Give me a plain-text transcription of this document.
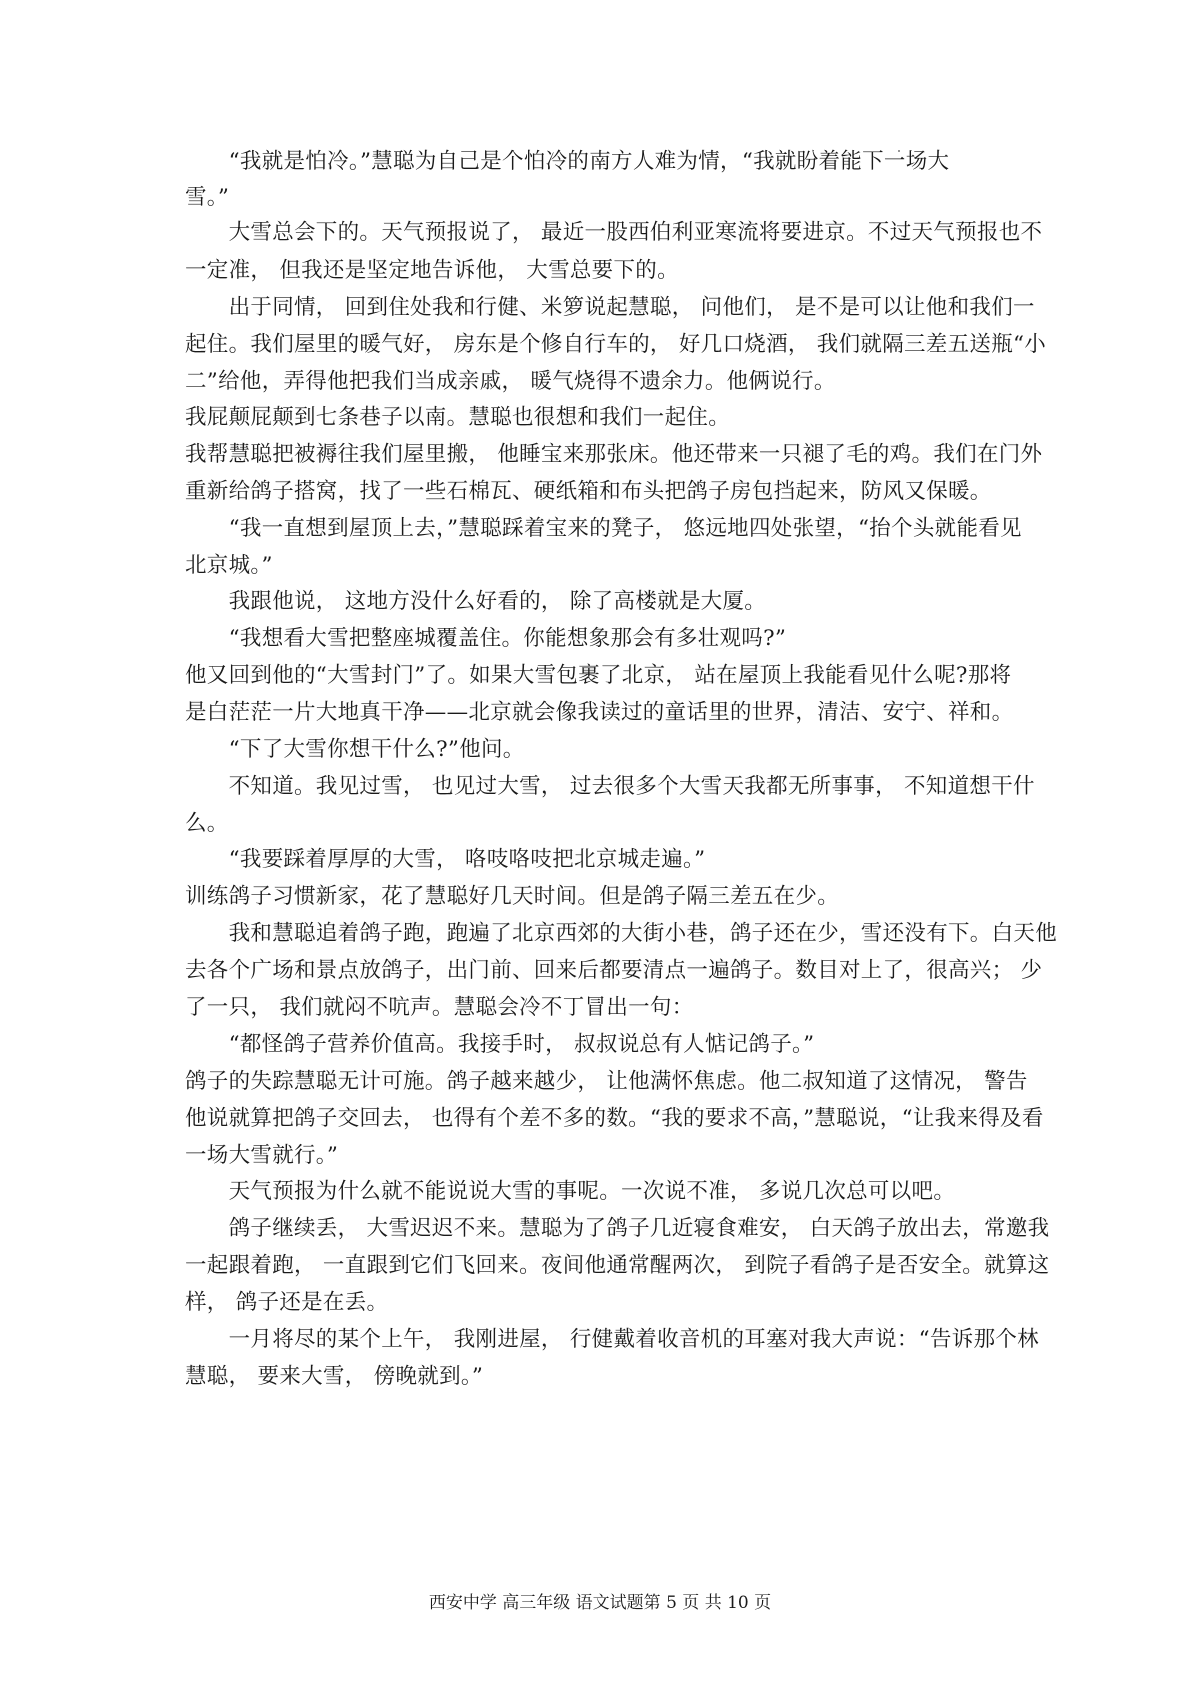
　　“我就是怕冷。”慧聪为自己是个怕冷的南方人难为情，“我就盼着能下一场大
雪。”
　　大雪总会下的。天气预报说了， 最近一股西伯利亚寒流将要进京。不过天气预报也不
一定准， 但我还是坚定地告诉他， 大雪总要下的。
　　出于同情， 回到住处我和行健、米箩说起慧聪， 问他们， 是不是可以让他和我们一
起住。我们屋里的暖气好， 房东是个修自行车的， 好几口烧酒， 我们就隔三差五送瓶“小
二”给他，弄得他把我们当成亲戚， 暖气烧得不遗余力。他俩说行。
我屁颠屁颠到七条巷子以南。慧聪也很想和我们一起住。
我帮慧聪把被褥往我们屋里搬， 他睡宝来那张床。他还带来一只褪了毛的鸡。我们在门外
重新给鸽子搭窝，找了一些石棉瓦、硬纸箱和布头把鸽子房包挡起来，防风又保暖。
　　“我一直想到屋顶上去，”慧聪踩着宝来的凳子， 悠远地四处张望，“抬个头就能看见
北京城。”
　　我跟他说， 这地方没什么好看的， 除了高楼就是大厦。
　　“我想看大雪把整座城覆盖住。你能想象那会有多壮观吗?”
他又回到他的“大雪封门”了。如果大雪包裹了北京， 站在屋顶上我能看见什么呢?那将
是白茫茫一片大地真干净——北京就会像我读过的童话里的世界，清洁、安宁、祥和。
　　“下了大雪你想干什么?”他问。
　　不知道。我见过雪， 也见过大雪， 过去很多个大雪天我都无所事事， 不知道想干什
么。
　　“我要踩着厚厚的大雪， 咯吱咯吱把北京城走遍。”
训练鸽子习惯新家，花了慧聪好几天时间。但是鸽子隔三差五在少。
　　我和慧聪追着鸽子跑，跑遍了北京西郊的大街小巷，鸽子还在少，雪还没有下。白天他
去各个广场和景点放鸽子，出门前、回来后都要清点一遍鸽子。数目对上了，很高兴； 少
了一只， 我们就闷不吭声。慧聪会冷不丁冒出一句：
　　“都怪鸽子营养价值高。我接手时， 叔叔说总有人惦记鸽子。”
鸽子的失踪慧聪无计可施。鸽子越来越少， 让他满怀焦虑。他二叔知道了这情况， 警告
他说就算把鸽子交回去， 也得有个差不多的数。“我的要求不高，”慧聪说，“让我来得及看
一场大雪就行。”
　　天气预报为什么就不能说说大雪的事呢。一次说不准， 多说几次总可以吧。
　　鸽子继续丢， 大雪迟迟不来。慧聪为了鸽子几近寝食难安， 白天鸽子放出去，常邀我
一起跟着跑， 一直跟到它们飞回来。夜间他通常醒两次， 到院子看鸽子是否安全。就算这
样， 鸽子还是在丢。
　　一月将尽的某个上午， 我刚进屋， 行健戴着收音机的耳塞对我大声说：“告诉那个林
慧聪， 要来大雪， 傍晚就到。”
西安中学 高三年级 语文试题第 5 页 共 10 页
